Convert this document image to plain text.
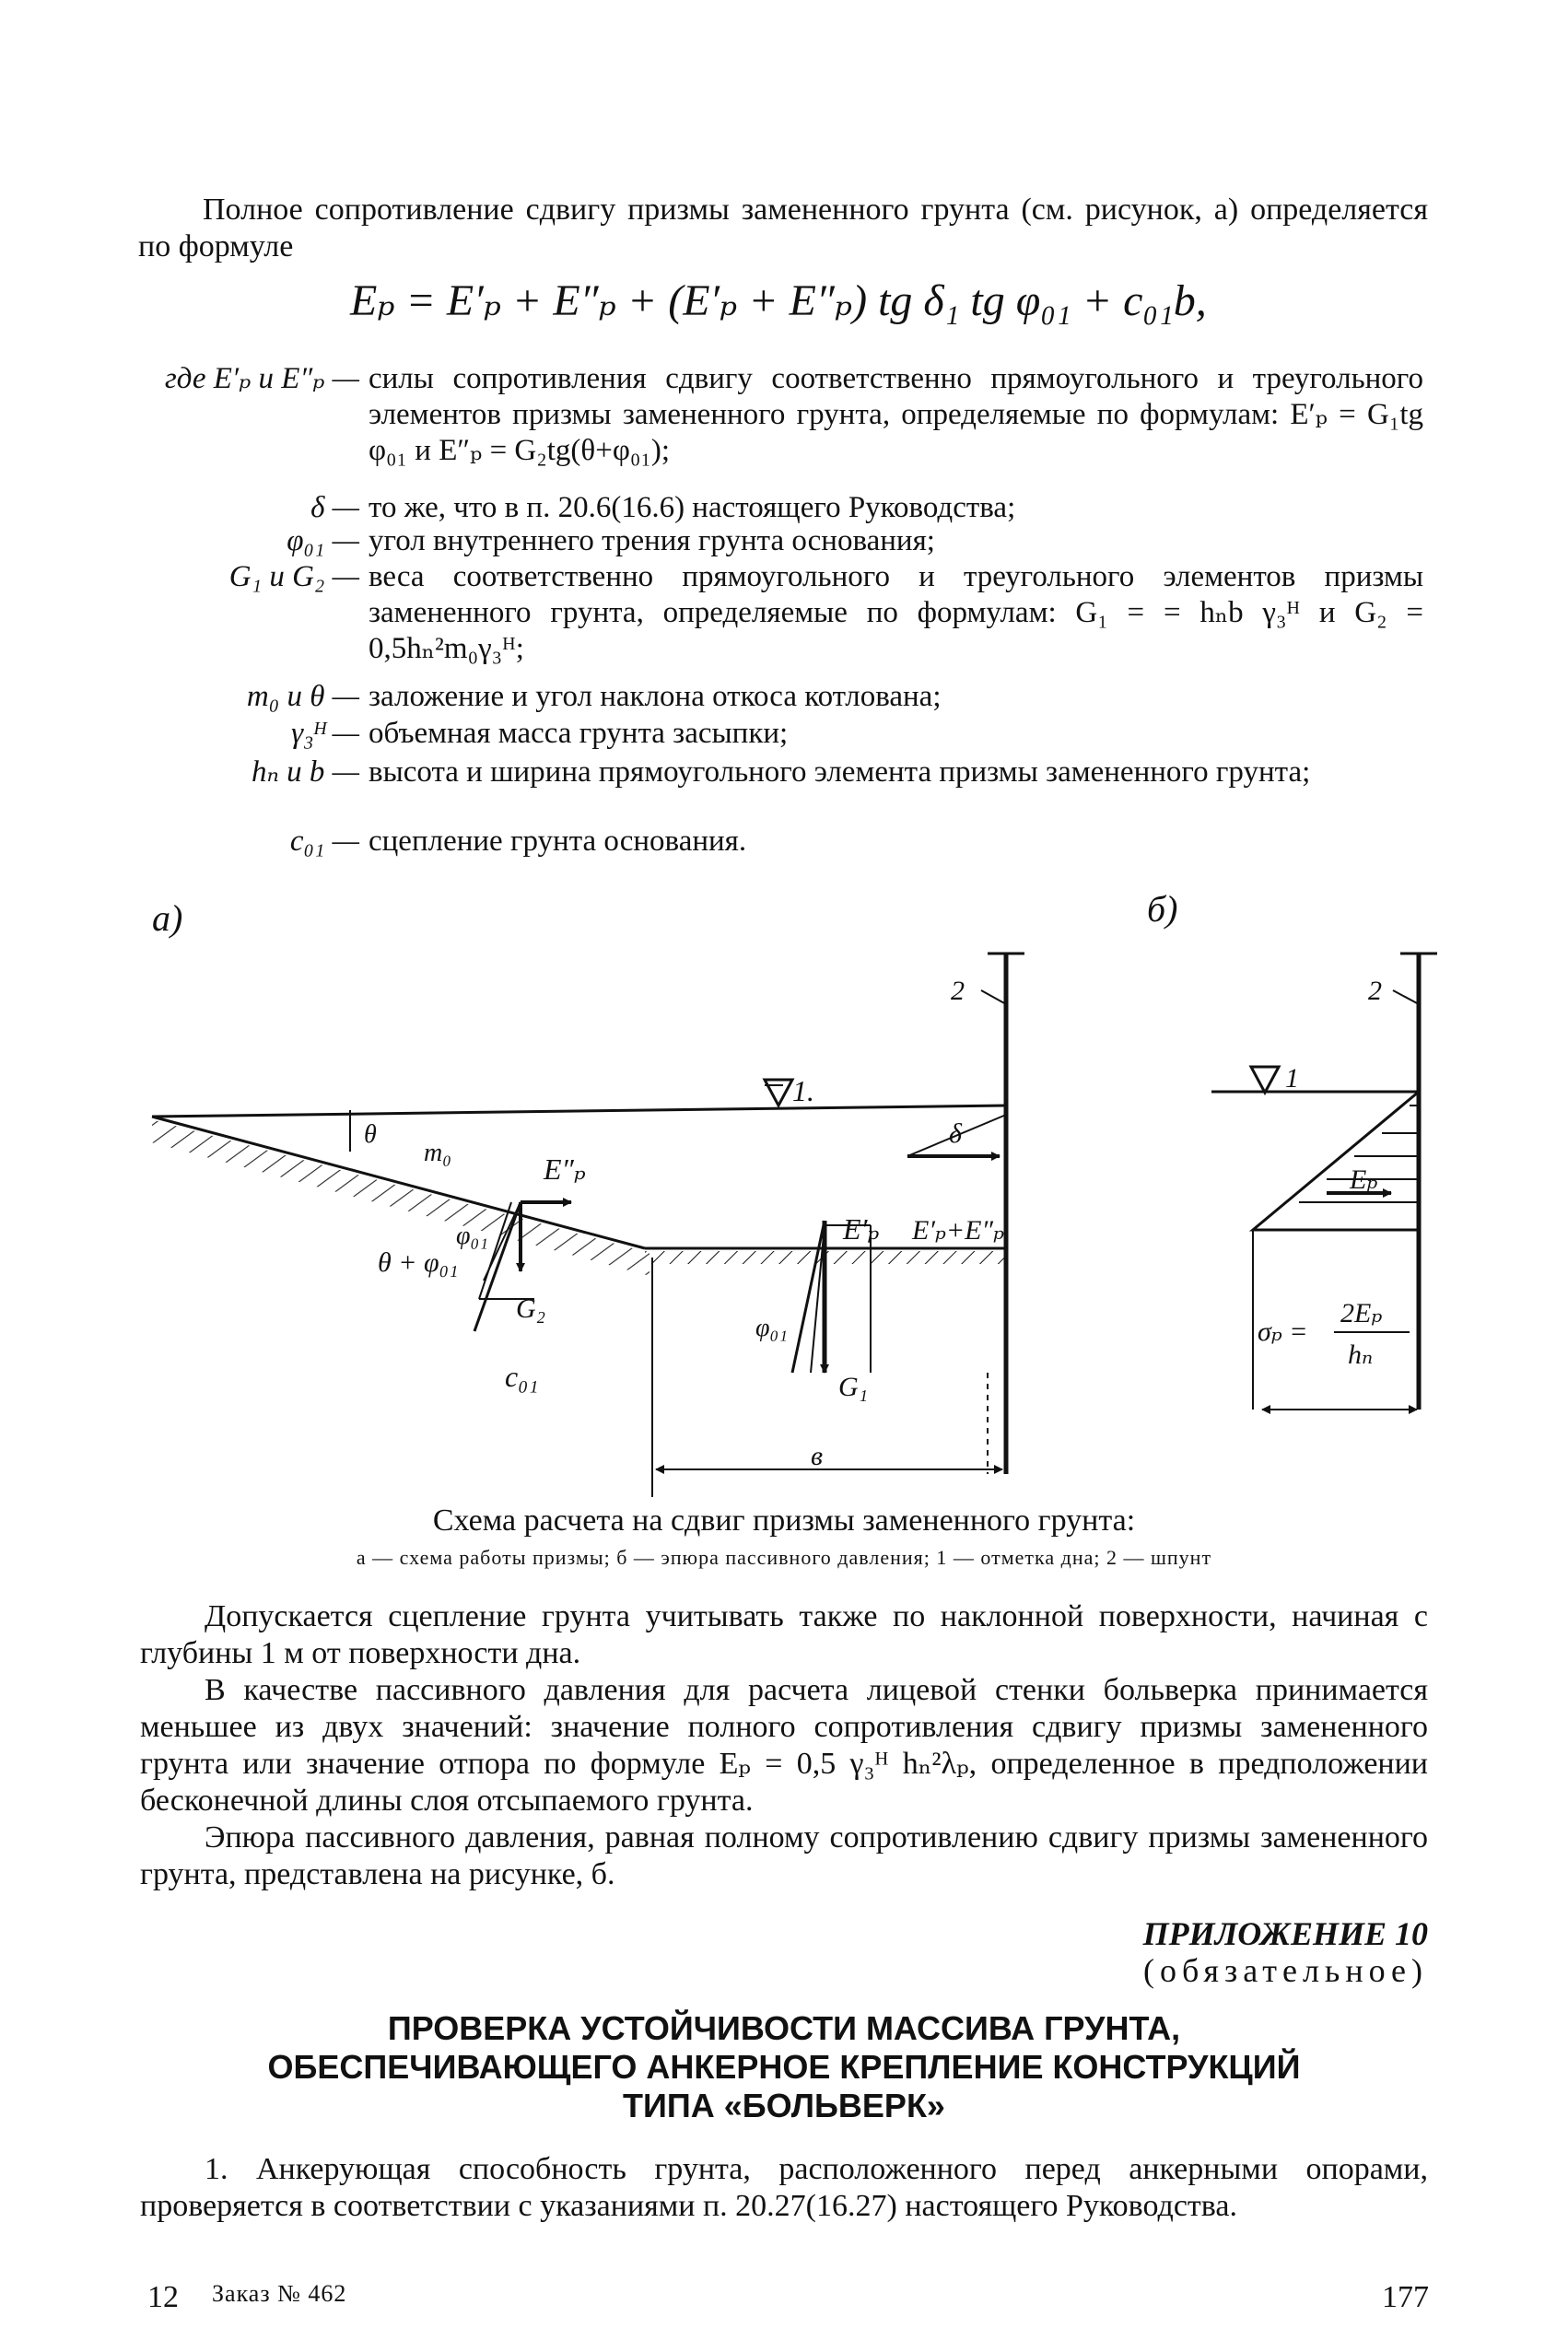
Полное сопротивление сдвигу призмы замененного грунта (см. рисунок, а) определяется по формуле
Eₚ = E′ₚ + E″ₚ + (E′ₚ + E″ₚ) tg δ₁ tg φ₀₁ + c₀₁b,
где E′ₚ и E″ₚ — силы сопротивления сдвигу соответственно прямоугольного и треугольного элементов призмы замененного грунта, определяемые по формулам: E′ₚ = G₁tg φ₀₁ и E″ₚ = G₂tg(θ+φ₀₁);
δ — то же, что в п. 20.6(16.6) настоящего Руководства;
φ₀₁ — угол внутреннего трения грунта основания;
G₁ и G₂ — веса соответственно прямоугольного и треугольного элементов призмы замененного грунта, определяемые по формулам: G₁ = = hₙb γ₃ᴴ и G₂ = 0,5hₙ²m₀γ₃ᴴ;
m₀ и θ — заложение и угол наклона откоса котлована;
γ₃ᴴ — объемная масса грунта засыпки;
hₙ и b — высота и ширина прямоугольного элемента призмы замененного грунта;
c₀₁ — сцепление грунта основания.
а)	б)
2
1.
θ
m₀	E″ₚ
φ₀₁
θ + φ₀₁
G₂
c₀₁
E′ₚ E′ₚ+E″ₚ
δ
φ₀₁
G₁
в
2
1
Eₚ
σₚ =
2Eₚ
hₙ
Схема расчета на сдвиг призмы замененного грунта:
а — схема работы призмы; б — эпюра пассивного давления; 1 — отметка дна; 2 — шпунт
Допускается сцепление грунта учитывать также по наклонной поверхности, начиная с глубины 1 м от поверхности дна.
В качестве пассивного давления для расчета лицевой стенки больверка принимается меньшее из двух значений: значение полного сопротивления сдвигу призмы замененного грунта или значение отпора по формуле Eₚ = 0,5 γ₃ᴴ hₙ²λₚ, определенное в предположении бесконечной длины слоя отсыпаемого грунта.
Эпюра пассивного давления, равная полному сопротивлению сдвигу призмы замененного грунта, представлена на рисунке, б.
ПРИЛОЖЕНИЕ 10
(обязательное)
ПРОВЕРКА УСТОЙЧИВОСТИ МАССИВА ГРУНТА,
ОБЕСПЕЧИВАЮЩЕГО АНКЕРНОЕ КРЕПЛЕНИЕ КОНСТРУКЦИЙ
ТИПА «БОЛЬВЕРК»
1. Анкерующая способность грунта, расположенного перед анкерными опорами, проверяется в соответствии с указаниями п. 20.27(16.27) настоящего Руководства.
12 Заказ № 462	177
